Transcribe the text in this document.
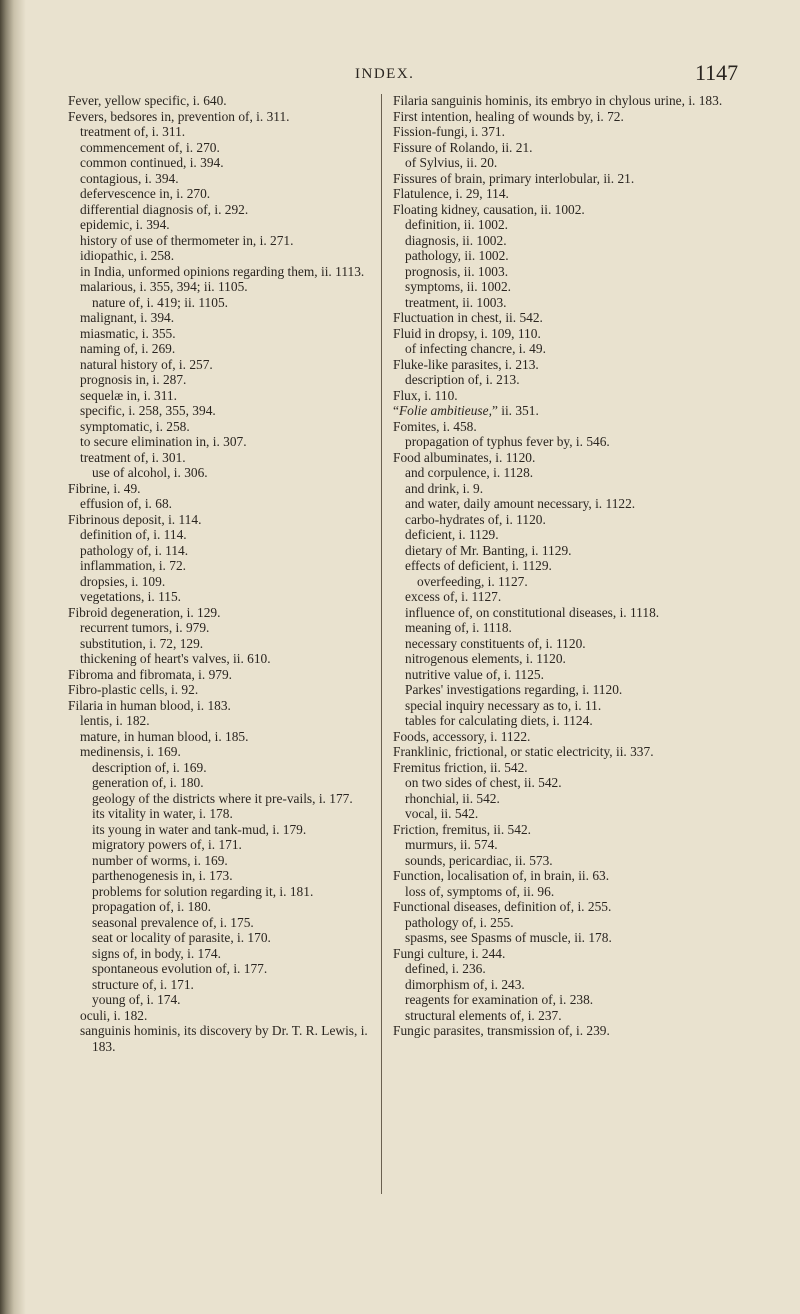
INDEX.	1147

Fever, yellow specific, i. 640.

Fevers, bedsores in, prevention of, i. 311.

treatment of, i. 311.

commencement of, i. 270.

common continued, i. 394.

contagious, i. 394.

defervescence in, i. 270.

differential diagnosis of, i. 292.

epidemic, i. 394.

history of use of thermometer in, i. 271.

idiopathic, i. 258.

in India, unformed opinions regarding them, ii. 1113.

malarious, i. 355, 394; ii. 1105.

nature of, i. 419; ii. 1105.

malignant, i. 394.

miasmatic, i. 355.

naming of, i. 269.

natural history of, i. 257.

prognosis in, i. 287.

sequelæ in, i. 311.

specific, i. 258, 355, 394.

symptomatic, i. 258.

to secure elimination in, i. 307.

treatment of, i. 301.

use of alcohol, i. 306.

Fibrine, i. 49.

effusion of, i. 68.

Fibrinous deposit, i. 114.

definition of, i. 114.

pathology of, i. 114.

inflammation, i. 72.

dropsies, i. 109.

vegetations, i. 115.

Fibroid degeneration, i. 129.

recurrent tumors, i. 979.

substitution, i. 72, 129.

thickening of heart's valves, ii. 610.

Fibroma and fibromata, i. 979.

Fibro-plastic cells, i. 92.

Filaria in human blood, i. 183.

lentis, i. 182.

mature, in human blood, i. 185.

medinensis, i. 169.

description of, i. 169.

generation of, i. 180.

geology of the districts where it pre-vails, i. 177.

its vitality in water, i. 178.

its young in water and tank-mud, i. 179.

migratory powers of, i. 171.

number of worms, i. 169.

parthenogenesis in, i. 173.

problems for solution regarding it, i. 181.

propagation of, i. 180.

seasonal prevalence of, i. 175.

seat or locality of parasite, i. 170.

signs of, in body, i. 174.

spontaneous evolution of, i. 177.

structure of, i. 171.

young of, i. 174.

oculi, i. 182.

sanguinis hominis, its discovery by Dr. T. R. Lewis, i. 183.

Filaria sanguinis hominis, its embryo in chylous urine, i. 183.

First intention, healing of wounds by, i. 72.

Fission-fungi, i. 371.

Fissure of Rolando, ii. 21.

of Sylvius, ii. 20.

Fissures of brain, primary interlobular, ii. 21.

Flatulence, i. 29, 114.

Floating kidney, causation, ii. 1002.

definition, ii. 1002.

diagnosis, ii. 1002.

pathology, ii. 1002.

prognosis, ii. 1003.

symptoms, ii. 1002.

treatment, ii. 1003.

Fluctuation in chest, ii. 542.

Fluid in dropsy, i. 109, 110.

of infecting chancre, i. 49.

Fluke-like parasites, i. 213.

description of, i. 213.

Flux, i. 110.

“Folie ambitieuse,” ii. 351.

Fomites, i. 458.

propagation of typhus fever by, i. 546.

Food albuminates, i. 1120.

and corpulence, i. 1128.

and drink, i. 9.

and water, daily amount necessary, i. 1122.

carbo-hydrates of, i. 1120.

deficient, i. 1129.

dietary of Mr. Banting, i. 1129.

effects of deficient, i. 1129.

overfeeding, i. 1127.

excess of, i. 1127.

influence of, on constitutional diseases, i. 1118.

meaning of, i. 1118.

necessary constituents of, i. 1120.

nitrogenous elements, i. 1120.

nutritive value of, i. 1125.

Parkes' investigations regarding, i. 1120.

special inquiry necessary as to, i. 11.

tables for calculating diets, i. 1124.

Foods, accessory, i. 1122.

Franklinic, frictional, or static electricity, ii. 337.

Fremitus friction, ii. 542.

on two sides of chest, ii. 542.

rhonchial, ii. 542.

vocal, ii. 542.

Friction, fremitus, ii. 542.

murmurs, ii. 574.

sounds, pericardiac, ii. 573.

Function, localisation of, in brain, ii. 63.

loss of, symptoms of, ii. 96.

Functional diseases, definition of, i. 255.

pathology of, i. 255.

spasms, see Spasms of muscle, ii. 178.

Fungi culture, i. 244.

defined, i. 236.

dimorphism of, i. 243.

reagents for examination of, i. 238.

structural elements of, i. 237.

Fungic parasites, transmission of, i. 239.
